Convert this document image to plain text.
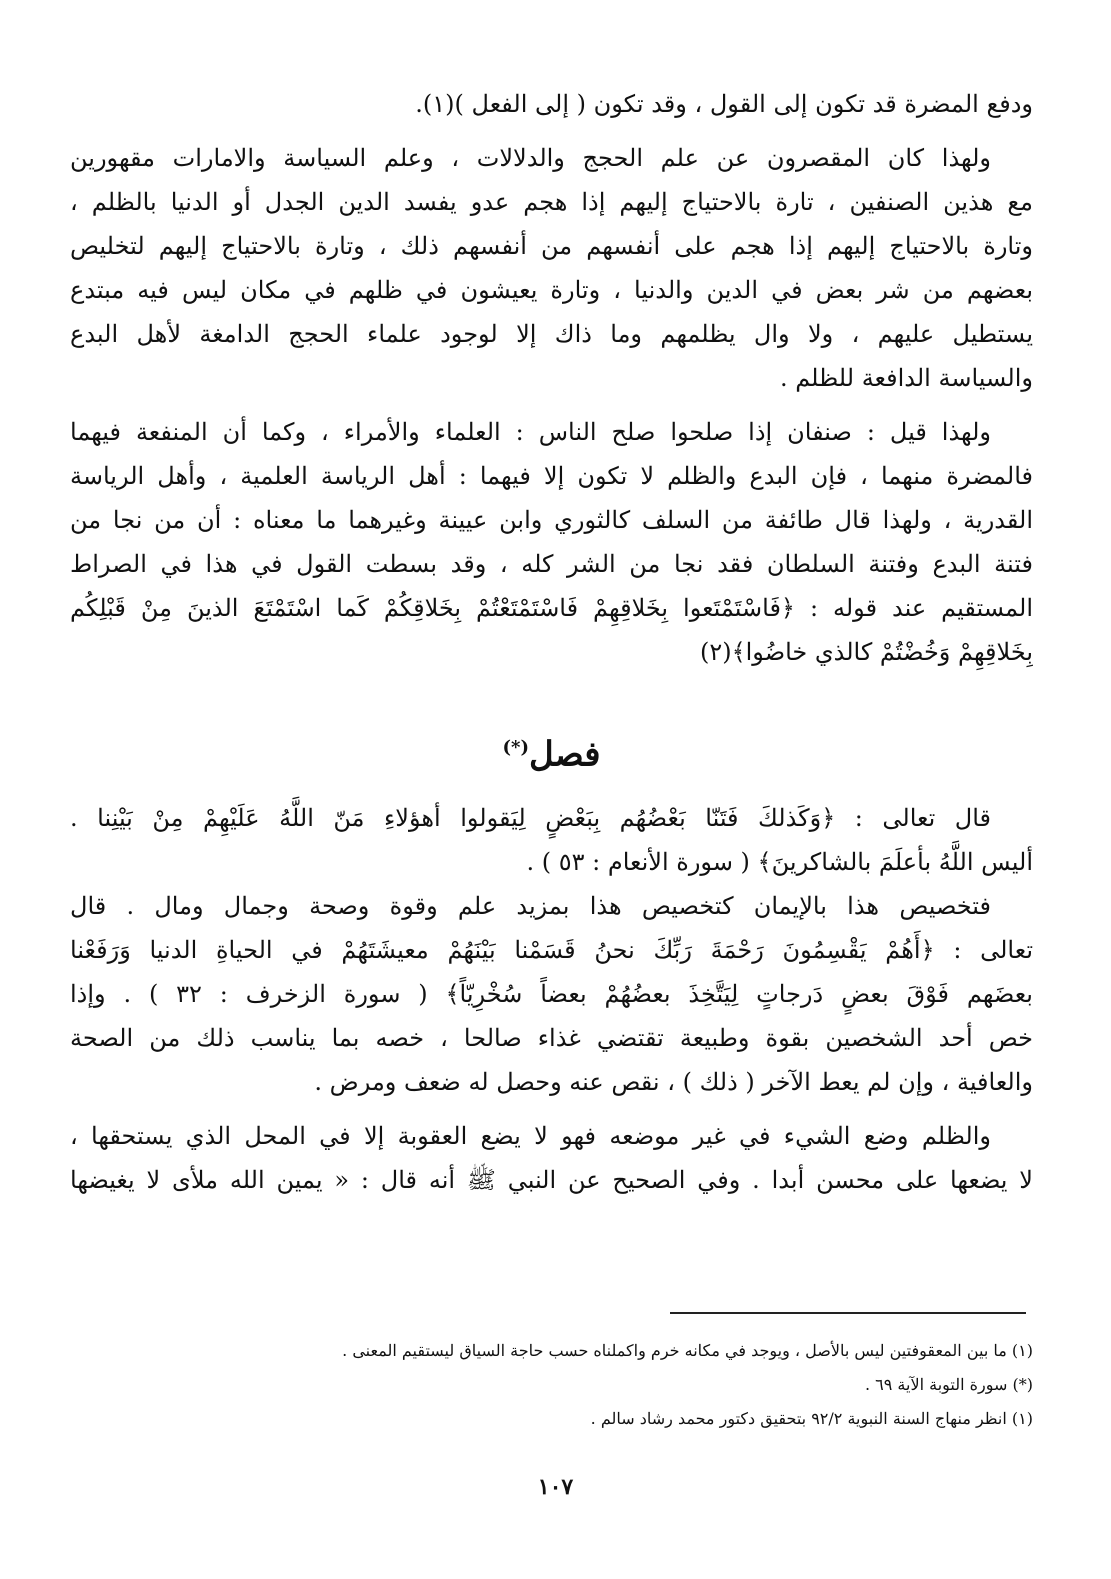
ودفع المضرة قد تكون إلى القول ، وقد تكون ( إلى الفعل )(١).
ولهذا كان المقصرون عن علم الحجج والدلالات ، وعلم السياسة والامارات مقهورين
مع هذين الصنفين ، تارة بالاحتياج إليهم إذا هجم عدو يفسد الدين الجدل أو الدنيا بالظلم ،
وتارة بالاحتياج إليهم إذا هجم على أنفسهم من أنفسهم ذلك ، وتارة بالاحتياج إليهم لتخليص
بعضهم من شر بعض في الدين والدنيا ، وتارة يعيشون في ظلهم في مكان ليس فيه مبتدع
يستطيل عليهم ، ولا وال يظلمهم وما ذاك إلا لوجود علماء الحجج الدامغة لأهل البدع
والسياسة الدافعة للظلم .
ولهذا قيل : صنفان إذا صلحوا صلح الناس : العلماء والأمراء ، وكما أن المنفعة فيهما
فالمضرة منهما ، فإن البدع والظلم لا تكون إلا فيهما : أهل الرياسة العلمية ، وأهل الرياسة
القدرية ، ولهذا قال طائفة من السلف كالثوري وابن عيينة وغيرهما ما معناه : أن من نجا من
فتنة البدع وفتنة السلطان فقد نجا من الشر كله ، وقد بسطت القول في هذا في الصراط
المستقيم عند قوله : ﴿فَاسْتَمْتَعوا بِخَلاقِهِمْ فَاسْتَمْتَعْتُمْ بِخَلاقِكُمْ كَما اسْتَمْتَعَ الذينَ مِنْ قَبْلِكُم
بِخَلاقِهِمْ وَخُضْتُمْ كالذي خاضُوا﴾(٢)
فصل(*)
قال تعالى : ﴿وَكَذلكَ فَتَنّا بَعْضُهُم بِبَعْضٍ لِيَقولوا أهؤلاءِ مَنّ اللَّهُ عَلَيْهِمْ مِنْ بَيْنِنا .
أليس اللَّهُ بأعلَمَ بالشاكرينَ﴾ ( سورة الأنعام : ٥٣ ) .
فتخصيص هذا بالإيمان كتخصيص هذا بمزيد علم وقوة وصحة وجمال ومال . قال
تعالى : ﴿أَهُمْ يَقْسِمُونَ رَحْمَةَ رَبِّكَ نحنُ قَسَمْنا بَيْنَهُمْ معيشَتَهُمْ في الحياةِ الدنيا وَرَفَعْنا
بعضَهم فَوْقَ بعضٍ دَرجاتٍ لِيَتَّخِذَ بعضُهُمْ بعضاً سُخْرِيّاً﴾ ( سورة الزخرف : ٣٢ ) . وإذا
خص أحد الشخصين بقوة وطبيعة تقتضي غذاء صالحا ، خصه بما يناسب ذلك من الصحة
والعافية ، وإن لم يعط الآخر ( ذلك ) ، نقص عنه وحصل له ضعف ومرض .
والظلم وضع الشيء في غير موضعه فهو لا يضع العقوبة إلا في المحل الذي يستحقها ،
لا يضعها على محسن أبدا . وفي الصحيح عن النبي ﷺ أنه قال : « يمين الله ملأى لا يغيضها
(١) ما بين المعقوفتين ليس بالأصل ، ويوجد في مكانه خرم واكملناه حسب حاجة السياق ليستقيم المعنى .
(*) سورة التوبة الآية ٦٩ .
(١) انظر منهاج السنة النبوية ٩٢/٢ بتحقيق دكتور محمد رشاد سالم .
١٠٧
